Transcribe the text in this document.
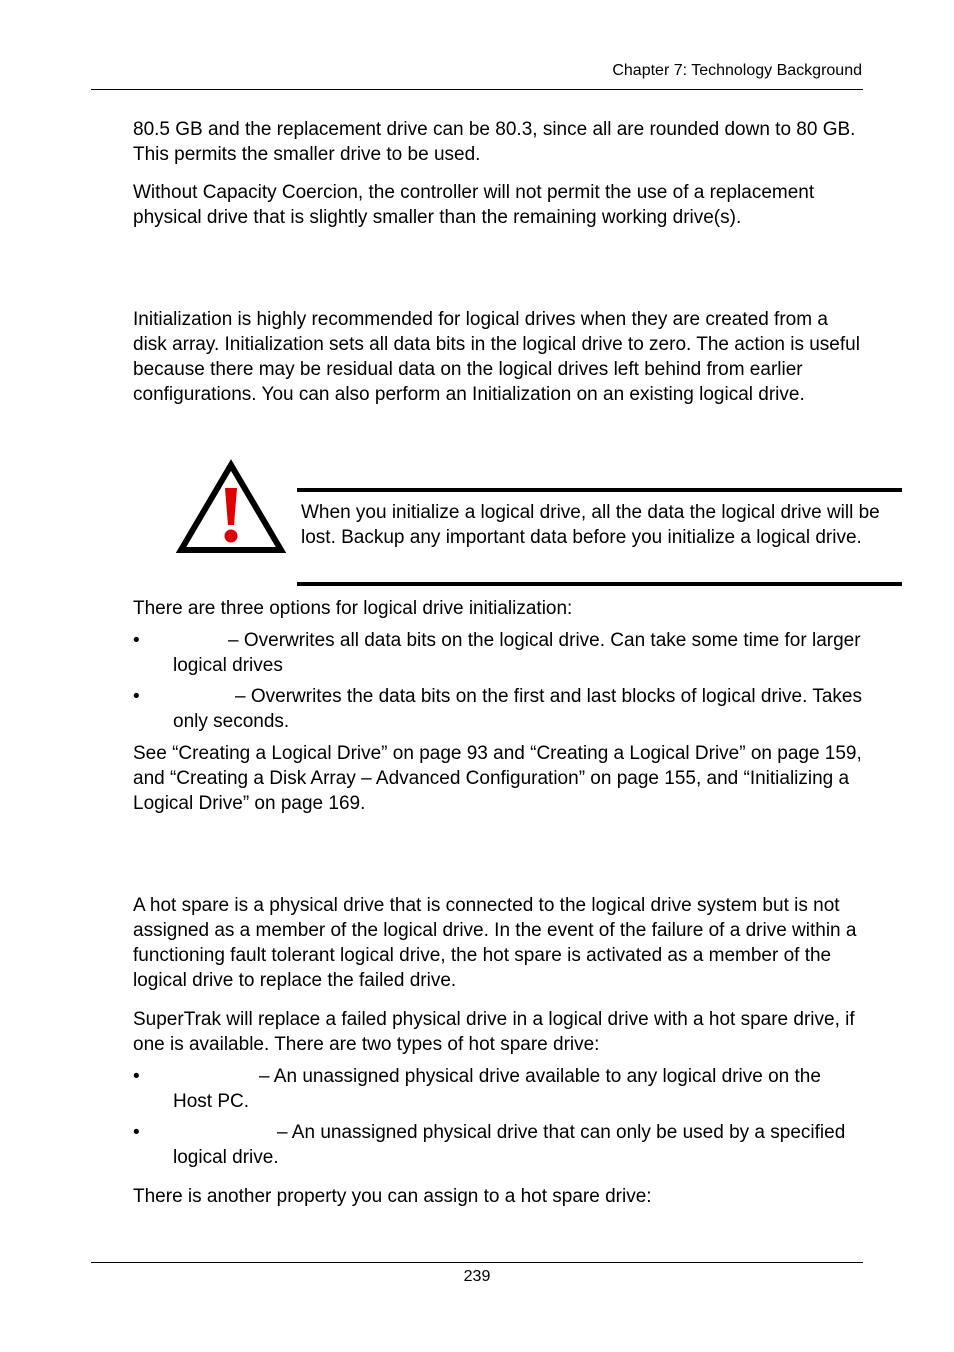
Chapter 7: Technology Background

80.5 GB and the replacement drive can be 80.3, since all are rounded down to 80 GB. This permits the smaller drive to be used.

Without Capacity Coercion, the controller will not permit the use of a replacement physical drive that is slightly smaller than the remaining working drive(s).

Initialization is highly recommended for logical drives when they are created from a disk array. Initialization sets all data bits in the logical drive to zero. The action is useful because there may be residual data on the logical drives left behind from earlier configurations. You can also perform an Initialization on an existing logical drive.

When you initialize a logical drive, all the data the logical drive will be lost. Backup any important data before you initialize a logical drive.

There are three options for logical drive initialization:

•	– Overwrites all data bits on the logical drive. Can take some time for larger logical drives
•	– Overwrites the data bits on the first and last blocks of logical drive. Takes only seconds.

See “Creating a Logical Drive” on page 93 and “Creating a Logical Drive” on page 159, and “Creating a Disk Array – Advanced Configuration” on page 155, and “Initializing a Logical Drive” on page 169.

A hot spare is a physical drive that is connected to the logical drive system but is not assigned as a member of the logical drive. In the event of the failure of a drive within a functioning fault tolerant logical drive, the hot spare is activated as a member of the logical drive to replace the failed drive.

SuperTrak will replace a failed physical drive in a logical drive with a hot spare drive, if one is available. There are two types of hot spare drive:

•	– An unassigned physical drive available to any logical drive on the Host PC.
•	– An unassigned physical drive that can only be used by a specified logical drive.

There is another property you can assign to a hot spare drive:

239
